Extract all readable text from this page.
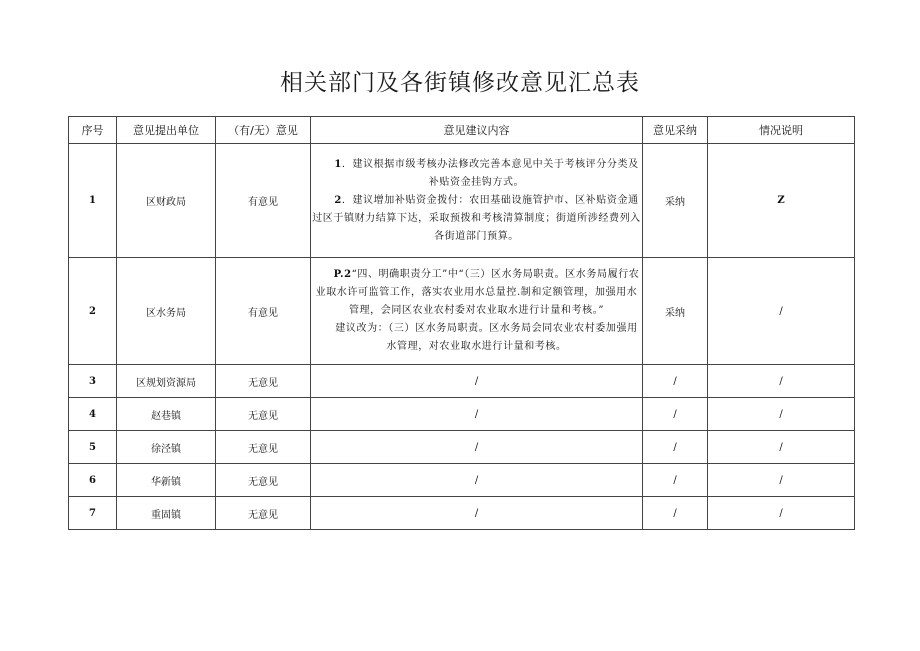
相关部门及各街镇修改意见汇总表
序号	意见提出单位	（有/无）意见	意见建议内容	意见采纳	情况说明
1	区财政局	有意见	1．建议根据市级考核办法修改完善本意见中关于考核评分分类及补贴资金挂钩方式。

2．建议增加补贴资金拨付：农田基础设施管护市、区补贴资金通过区于镇财力结算下达，采取预拨和考核清算制度；街道所涉经费列入各街道部门预算。	采纳	Z
2	区水务局	有意见	P.2“四、明确职责分工”中“（三）区水务局职责。区水务局履行农业取水许可监管工作，落实农业用水总量控.制和定额管理，加强用水管理，会同区农业农村委对农业取水进行计量和考核。”

建议改为：（三）区水务局职责。区水务局会同农业农村委加强用水管理，对农业取水进行计量和考核。	采纳	/
3	区规划资源局	无意见	/	/	/
4	赵巷镇	无意见	/	/	/
5	徐泾镇	无意见	/	/	/
6	华新镇	无意见	/	/	/
7	重固镇	无意见	/	/	/
